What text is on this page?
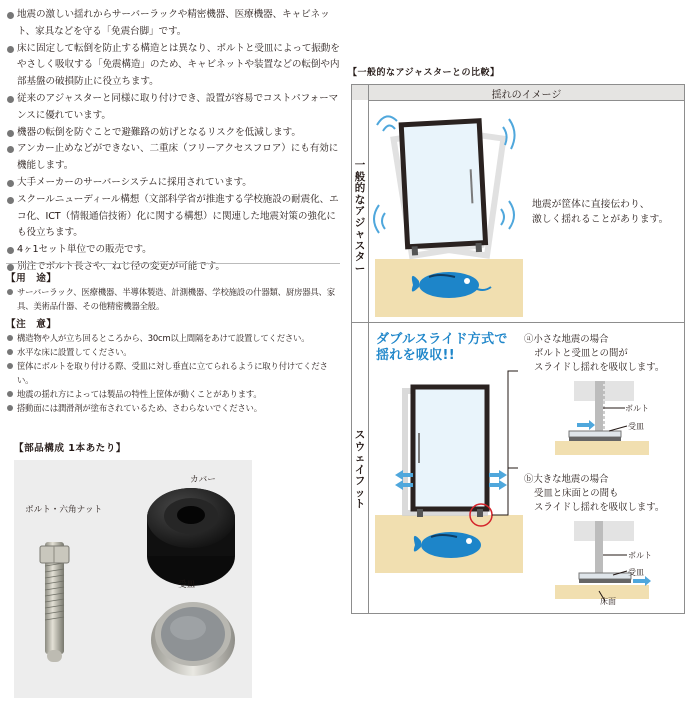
地震の激しい揺れからサーバーラックや精密機器、医療機器、キャビネット、家具などを守る「免震台脚」です。
床に固定して転倒を防止する構造とは異なり、ボルトと受皿によって振動をやさしく吸収する「免震構造」のため、キャビネットや装置などの転倒や内部基盤の破損防止に役立ちます。
従来のアジャスターと同様に取り付けでき、設置が容易でコストパフォーマンスに優れています。
機器の転倒を防ぐことで避難路の妨げとなるリスクを低減します。
アンカー止めなどができない、二重床（フリーアクセスフロア）にも有効に機能します。
大手メーカーのサーバーシステムに採用されています。
スクールニューディール構想（文部科学省が推進する学校施設の耐震化、エコ化、ICT（情報通信技術）化に関する構想）に関連した地震対策の強化にも役立ちます。
4ヶ1セット単位での販売です。
別注でボルト長さや、ねじ径の変更が可能です。
【用　途】
サーバーラック、医療機器、半導体製造、計測機器、学校施設の什器類、厨房器具、家具、美術品什器、その他精密機器全般。
【注　意】
構造物や人が立ち回るところから、30cm以上間隔をあけて設置してください。
水平な床に設置してください。
筐体にボルトを取り付ける際、受皿に対し垂直に立てられるように取り付けてください。
地震の揺れ方によっては製品の特性上筐体が動くことがあります。
搭動面には潤滑剤が塗布されているため、さわらないでください。
【部品構成 1本あたり】
ボルト・六角ナット
カバー
受皿
【一般的なアジャスターとの比較】
揺れのイメージ
一般的なアジャスター
スウェイフット
地震が筐体に直接伝わり、
激しく揺れることがあります。
ダブルスライド方式で
揺れを吸収!!
ⓐ小さな地震の場合
ボルトと受皿との間が
スライドし揺れを吸収します。
ボルト
受皿
ⓑ大きな地震の場合
受皿と床面との間も
スライドし揺れを吸収します。
ボルト
受皿
床面
